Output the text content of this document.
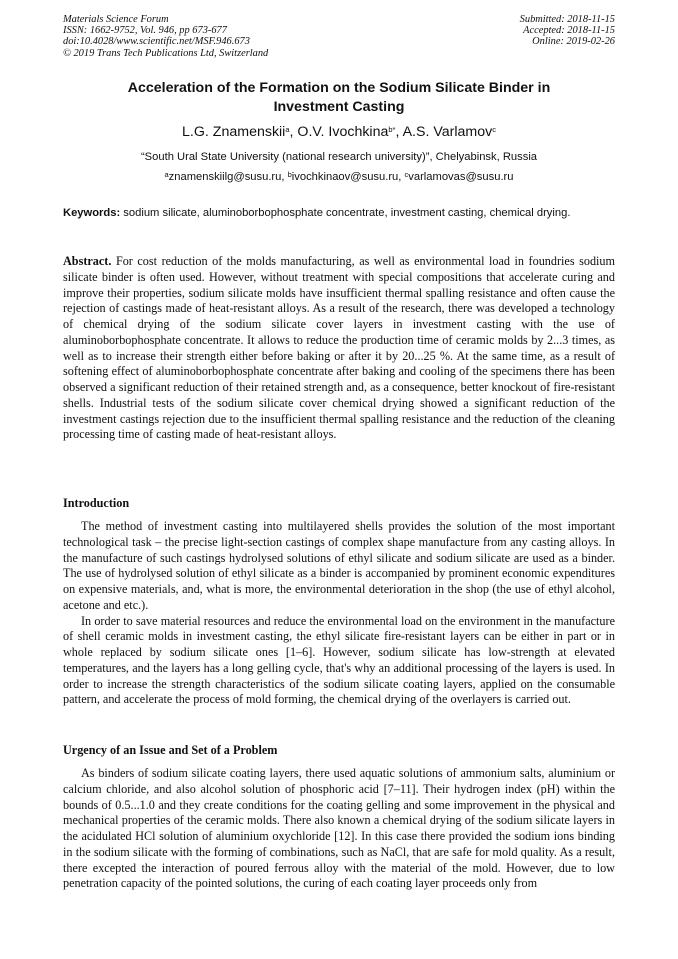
Materials Science Forum
ISSN: 1662-9752, Vol. 946, pp 673-677
doi:10.4028/www.scientific.net/MSF.946.673
© 2019 Trans Tech Publications Ltd, Switzerland
Submitted: 2018-11-15
Accepted: 2018-11-15
Online: 2019-02-26
Acceleration of the Formation on the Sodium Silicate Binder in
Investment Casting
L.G. Znamenskii$^a$, O.V. Ivochkina$^{b*}$, A.S. Varlamov$^c$
“South Ural State University (national research university)”, Chelyabinsk, Russia
$^a$znamenskiilg@susu.ru, $^b$ivochkinaov@susu.ru, $^c$varlamovas@susu.ru
Keywords: sodium silicate, aluminoborbophosphate concentrate, investment casting, chemical drying.
Abstract. For cost reduction of the molds manufacturing, as well as environmental load in foundries sodium silicate binder is often used. However, without treatment with special compositions that accelerate curing and improve their properties, sodium silicate molds have insufficient thermal spalling resistance and often cause the rejection of castings made of heat-resistant alloys. As a result of the research, there was developed a technology of chemical drying of the sodium silicate cover layers in investment casting with the use of aluminoborbophosphate concentrate. It allows to reduce the production time of ceramic molds by 2...3 times, as well as to increase their strength either before baking or after it by 20...25 %. At the same time, as a result of softening effect of aluminoborbophosphate concentrate after baking and cooling of the specimens there has been observed a significant reduction of their retained strength and, as a consequence, better knockout of fire-resistant shells. Industrial tests of the sodium silicate cover chemical drying showed a significant reduction of the investment castings rejection due to the insufficient thermal spalling resistance and the reduction of the cleaning processing time of casting made of heat-resistant alloys.
Introduction

The method of investment casting into multilayered shells provides the solution of the most important technological task – the precise light-section castings of complex shape manufacture from any casting alloys. In the manufacture of such castings hydrolysed solutions of ethyl silicate and sodium silicate are used as a binder. The use of hydrolysed solution of ethyl silicate as a binder is accompanied by prominent economic expenditures on expensive materials, and, what is more, the environmental deterioration in the shop (the use of ethyl alcohol, acetone and etc.).

In order to save material resources and reduce the environmental load on the environment in the manufacture of shell ceramic molds in investment casting, the ethyl silicate fire-resistant layers can be either in part or in whole replaced by sodium silicate ones [1–6]. However, sodium silicate has low-strength at elevated temperatures, and the layers has a long gelling cycle, that's why an additional processing of the layers is used. In order to increase the strength characteristics of the sodium silicate coating layers, applied on the consumable pattern, and accelerate the process of mold forming, the chemical drying of the overlayers is carried out.

Urgency of an Issue and Set of a Problem

As binders of sodium silicate coating layers, there used aquatic solutions of ammonium salts, aluminium or calcium chloride, and also alcohol solution of phosphoric acid [7–11]. Their hydrogen index (pH) within the bounds of 0.5...1.0 and they create conditions for the coating gelling and some improvement in the physical and mechanical properties of the ceramic molds. There also known a chemical drying of the sodium silicate layers in the acidulated HCl solution of aluminium oxychloride [12]. In this case there provided the sodium ions binding in the sodium silicate with the forming of combinations, such as NaCl, that are safe for mold quality. As a result, there excepted the interaction of poured ferrous alloy with the material of the mold. However, due to low penetration capacity of the pointed solutions, the curing of each coating layer proceeds only from
